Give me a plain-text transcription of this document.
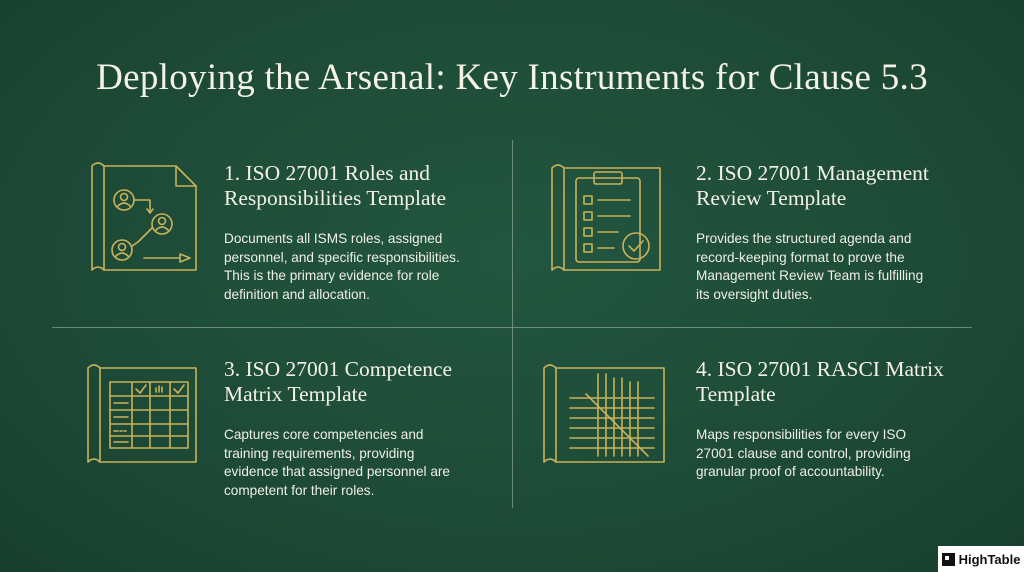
Deploying the Arsenal: Key Instruments for Clause 5.3
1. ISO 27001 Roles and
Responsibilities Template
Documents all ISMS roles, assigned
personnel, and specific responsibilities.
This is the primary evidence for role
definition and allocation.
2. ISO 27001 Management
Review Template
Provides the structured agenda and
record-keeping format to prove the
Management Review Team is fulfilling
its oversight duties.
3. ISO 27001 Competence
Matrix Template
Captures core competencies and
training requirements, providing
evidence that assigned personnel are
competent for their roles.
4. ISO 27001 RASCI Matrix
Template
Maps responsibilities for every ISO
27001 clause and control, providing
granular proof of accountability.
HighTable
